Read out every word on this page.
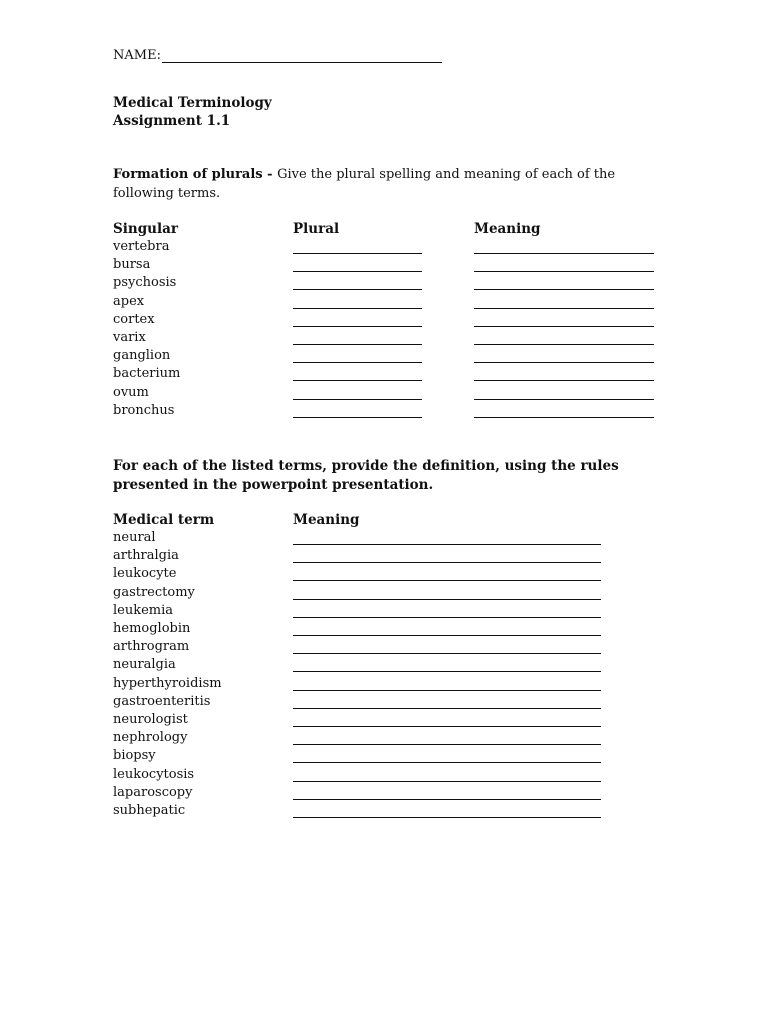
NAME:
Medical Terminology
Assignment 1.1
Formation of plurals - Give the plural spelling and meaning of each of the following terms.
Singular	Plural	Meaning
vertebra
bursa
psychosis
apex
cortex
varix
ganglion
bacterium
ovum
bronchus
For each of the listed terms, provide the definition, using the rules presented in the powerpoint presentation.
Medical term	Meaning
neural
arthralgia
leukocyte
gastrectomy
leukemia
hemoglobin
arthrogram
neuralgia
hyperthyroidism
gastroenteritis
neurologist
nephrology
biopsy
leukocytosis
laparoscopy
subhepatic
